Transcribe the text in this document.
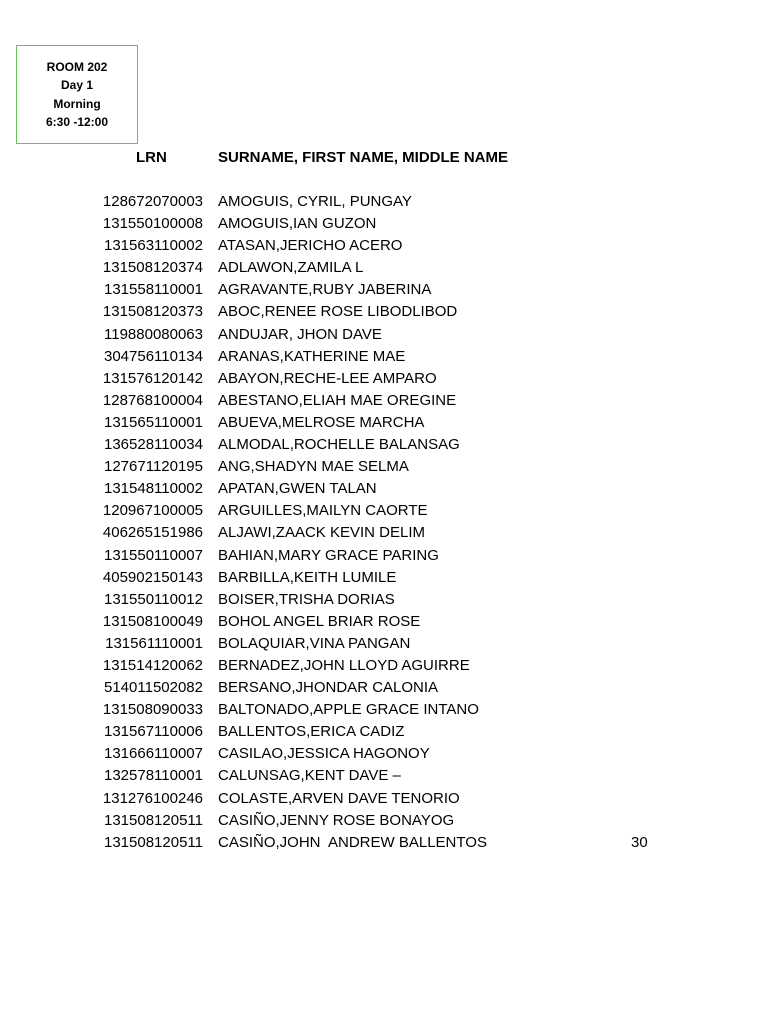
ROOM 202
Day 1
Morning
6:30 -12:00
LRN	SURNAME, FIRST NAME, MIDDLE NAME
128672070003 AMOGUIS, CYRIL, PUNGAY
131550100008 AMOGUIS,IAN GUZON
131563110002 ATASAN,JERICHO ACERO
131508120374 ADLAWON,ZAMILA L
131558110001 AGRAVANTE,RUBY JABERINA
131508120373 ABOC,RENEE ROSE LIBODLIBOD
119880080063 ANDUJAR, JHON DAVE
304756110134 ARANAS,KATHERINE MAE
131576120142 ABAYON,RECHE-LEE AMPARO
128768100004 ABESTANO,ELIAH MAE OREGINE
131565110001 ABUEVA,MELROSE MARCHA
136528110034 ALMODAL,ROCHELLE BALANSAG
127671120195 ANG,SHADYN MAE SELMA
131548110002 APATAN,GWEN TALAN
120967100005 ARGUILLES,MAILYN CAORTE
406265151986 ALJAWI,ZAACK KEVIN DELIM
131550110007 BAHIAN,MARY GRACE PARING
405902150143 BARBILLA,KEITH LUMILE
131550110012 BOISER,TRISHA DORIAS
131508100049 BOHOL ANGEL BRIAR ROSE
131561110001 BOLAQUIAR,VINA PANGAN
131514120062 BERNADEZ,JOHN LLOYD AGUIRRE
514011502082 BERSANO,JHONDAR CALONIA
131508090033 BALTONADO,APPLE GRACE INTANO
131567110006 BALLENTOS,ERICA CADIZ
131666110007 CASILAO,JESSICA HAGONOY
132578110001 CALUNSAG,KENT DAVE –
131276100246 COLASTE,ARVEN DAVE TENORIO
131508120511 CASIÑO,JENNY ROSE BONAYOG
131508120511 CASIÑO,JOHN  ANDREW BALLENTOS	30
